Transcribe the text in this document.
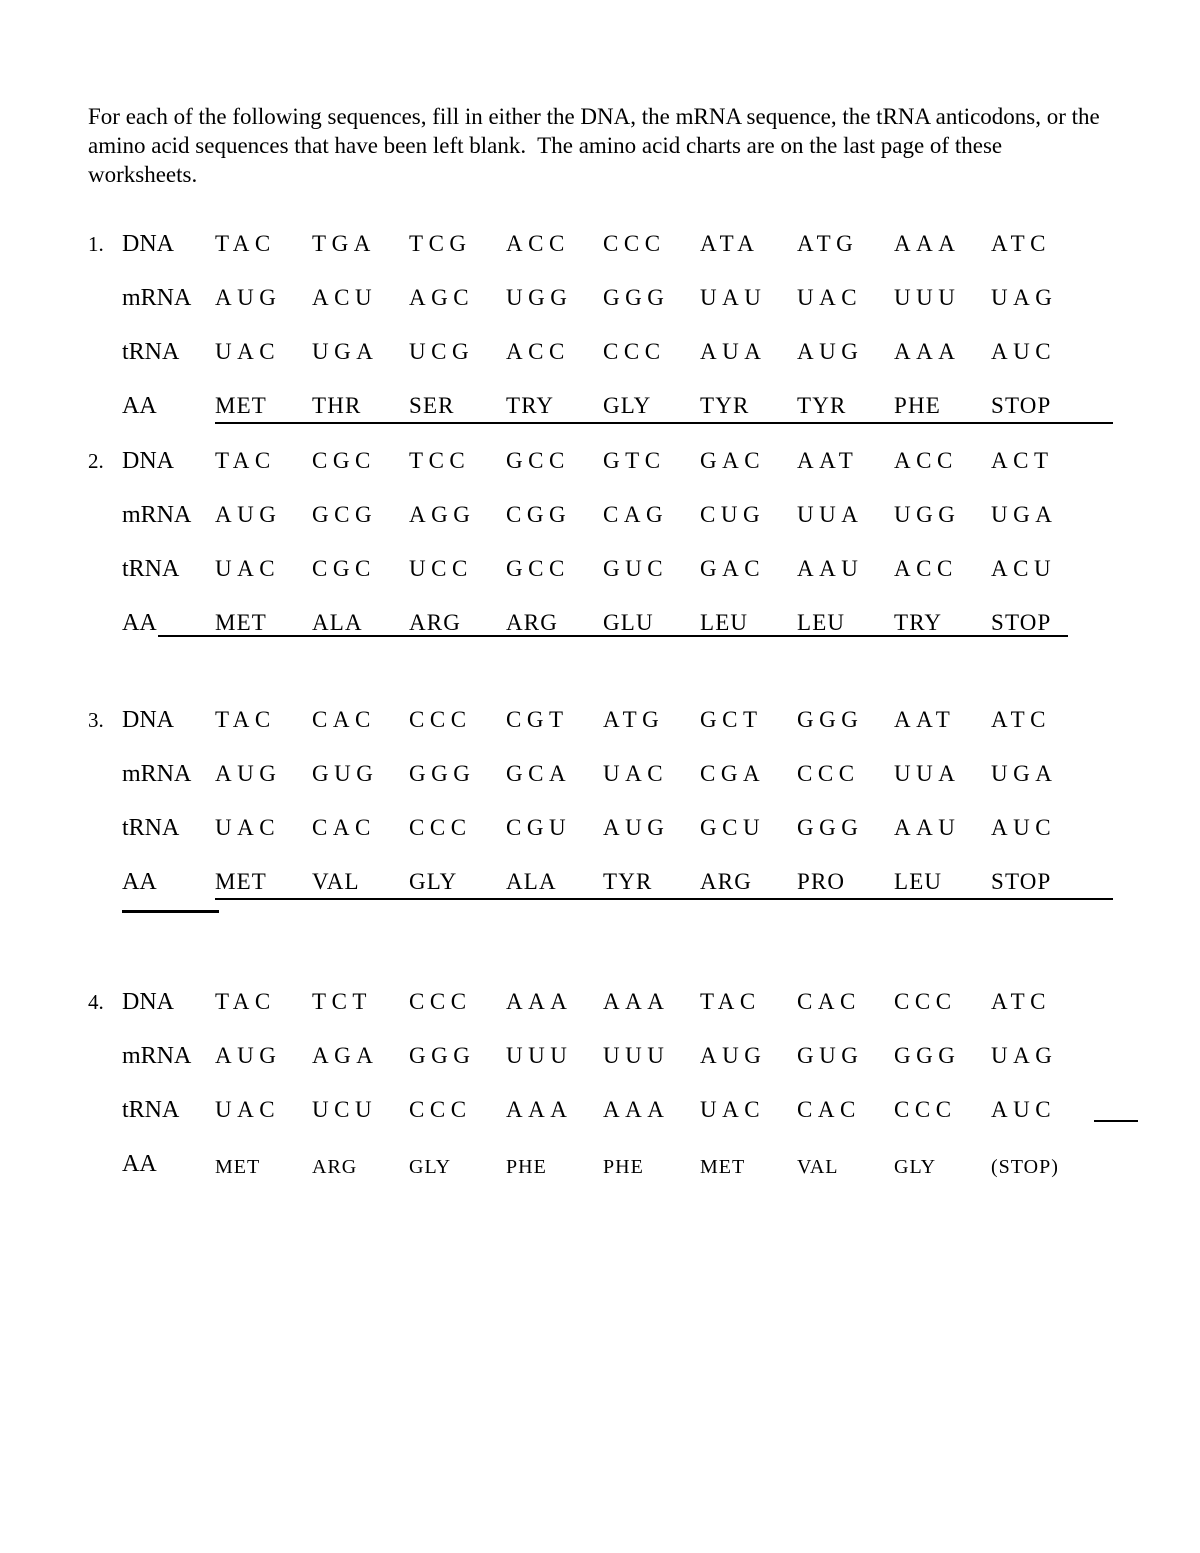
For each of the following sequences, fill in either the DNA, the mRNA sequence, the tRNA anticodons, or the amino acid sequences that have been left blank.  The amino acid charts are on the last page of these worksheets.

1. DNA	TAC	TGA	TCG	ACC	CCC	ATA	ATG	AAA	ATC
mRNA	AUG	ACU	AGC	UGG	GGG	UAU	UAC	UUU	UAG
tRNA	UAC	UGA	UCG	ACC	CCC	AUA	AUG	AAA	AUC
AA	MET	THR	SER	TRY	GLY	TYR	TYR	PHE	STOP
2. DNA	TAC	CGC	TCC	GCC	GTC	GAC	AAT	ACC	ACT
mRNA	AUG	GCG	AGG	CGG	CAG	CUG	UUA	UGG	UGA
tRNA	UAC	CGC	UCC	GCC	GUC	GAC	AAU	ACC	ACU
AA	MET	ALA	ARG	ARG	GLU	LEU	LEU	TRY	STOP
3. DNA	TAC	CAC	CCC	CGT	ATG	GCT	GGG	AAT	ATC
mRNA	AUG	GUG	GGG	GCA	UAC	CGA	CCC	UUA	UGA
tRNA	UAC	CAC	CCC	CGU	AUG	GCU	GGG	AAU	AUC
AA	MET	VAL	GLY	ALA	TYR	ARG	PRO	LEU	STOP
4. DNA	TAC	TCT	CCC	AAA	AAA	TAC	CAC	CCC	ATC
mRNA	AUG	AGA	GGG	UUU	UUU	AUG	GUG	GGG	UAG
tRNA	UAC	UCU	CCC	AAA	AAA	UAC	CAC	CCC	AUC
AA	MET	ARG	GLY	PHE	PHE	MET	VAL	GLY	(STOP)
